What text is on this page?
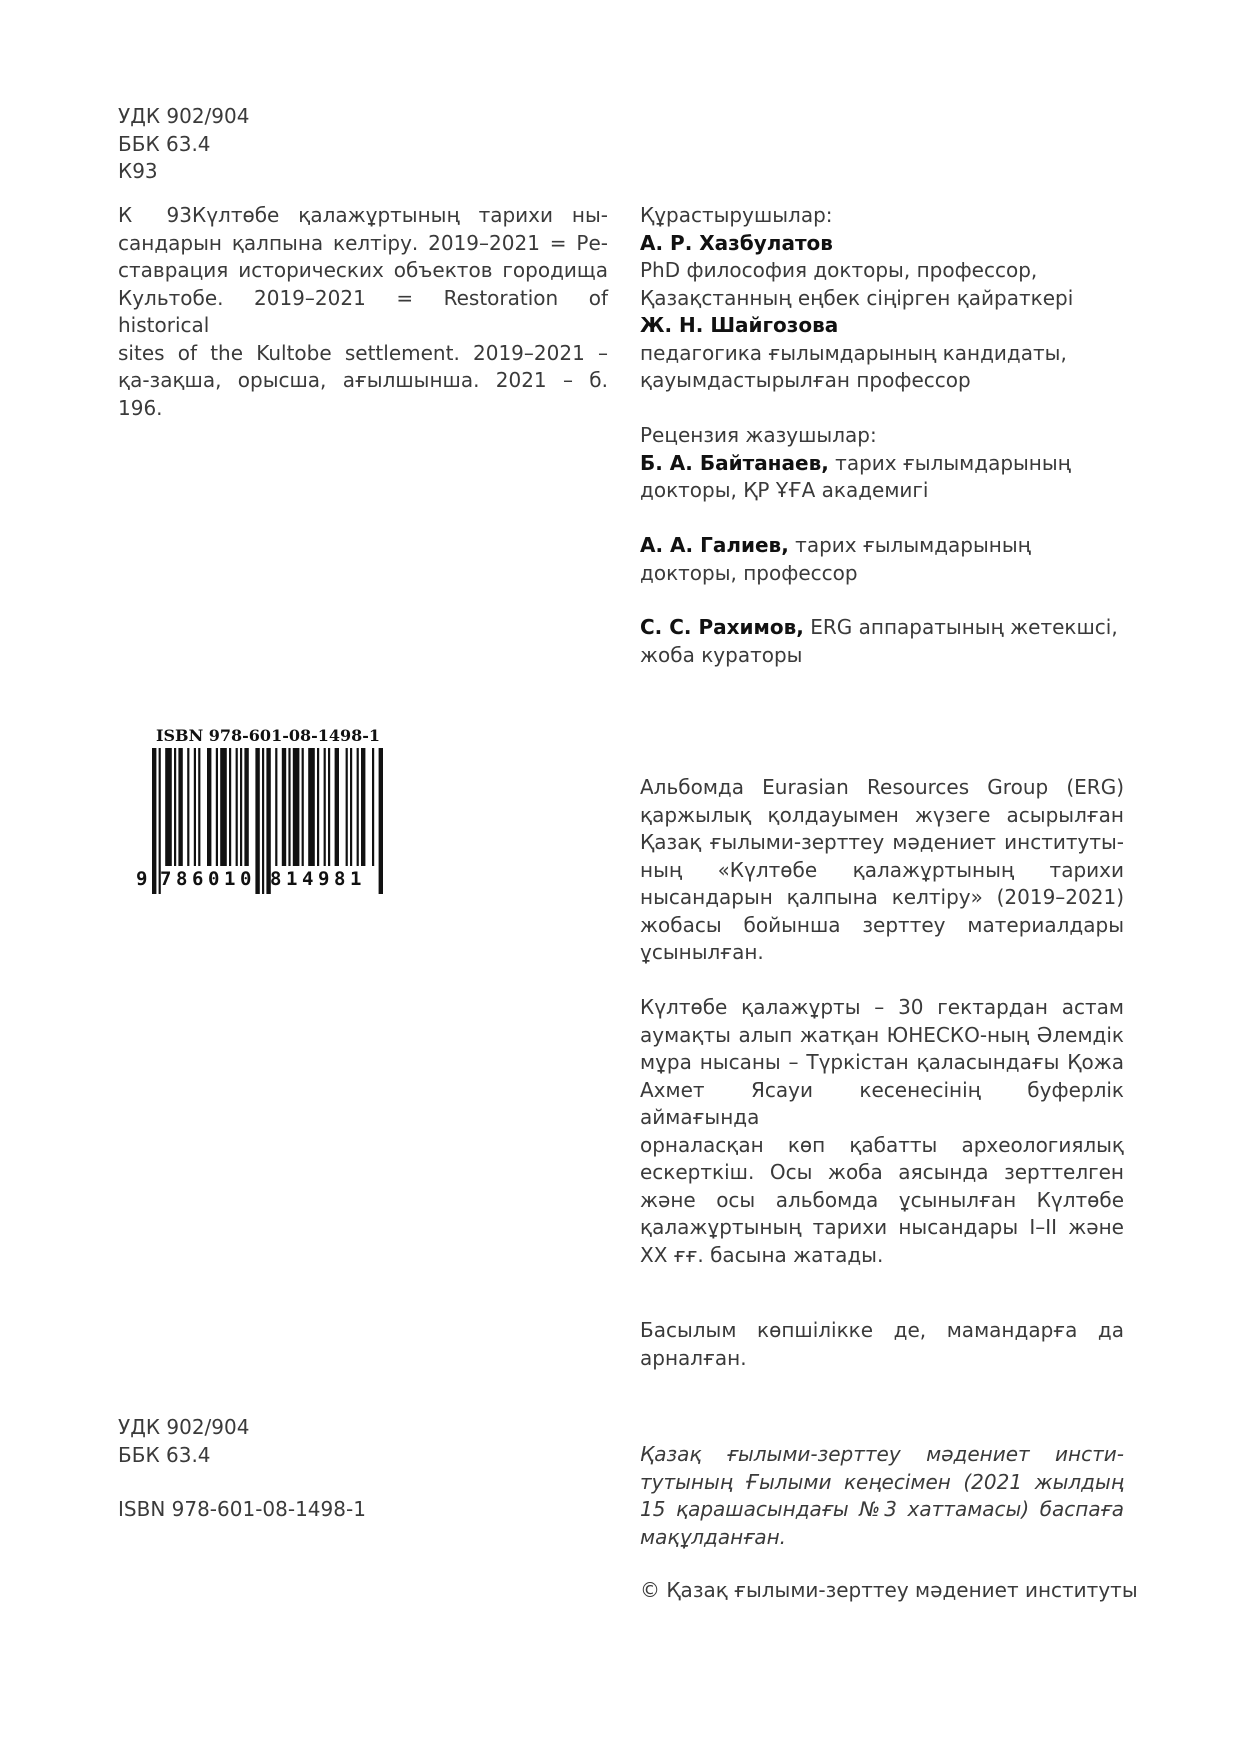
УДК 902/904
ББК 63.4
К93
К 93Күлтөбе қалажұртының тарихи ны-
сандарын қалпына келтіру. 2019–2021 = Ре-
ставрация исторических объектов городища
Культобе. 2019–2021 = Restoration of historical
sites of the Kultobe settlement. 2019–2021 –
қа-зақша, орысша, ағылшынша. 2021 – б. 196.
Құрастырушылар:
А. Р. Хазбулатов
PhD философия докторы, профессор,
Қазақстанның еңбек сіңірген қайраткері
Ж. Н. Шайгозова
педагогика ғылымдарының кандидаты,
қауымдастырылған профессор
Рецензия жазушылар:
Б. А. Байтанаев, тарих ғылымдарының
докторы, ҚР ҰҒА академигі
А. А. Галиев, тарих ғылымдарының
докторы, профессор
С. С. Рахимов, ERG аппаратының жетекшсі,
жоба кураторы
ISBN 978-601-08-1498-1
9 7 8 6 0 1 0 8 1 4 9 8 1
Альбомда Eurasian Resources Group (ERG)
қаржылық қолдауымен жүзеге асырылған
Қазақ ғылыми-зерттеу мәдениет институты-
ның «Күлтөбе қалажұртының тарихи
нысандарын қалпына келтіру» (2019–2021)
жобасы бойынша зерттеу материалдары
ұсынылған.
Күлтөбе қалажұрты – 30 гектардан астам
аумақты алып жатқан ЮНЕСКО-ның Әлемдік
мұра нысаны – Түркістан қаласындағы Қожа
Ахмет Ясауи кесенесінің буферлік аймағында
орналасқан көп қабатты археологиялық
ескерткіш. Осы жоба аясында зерттелген
және осы альбомда ұсынылған Күлтөбе
қалажұртының тарихи нысандары І–ІІ және
ХХ ғғ. басына жатады.
Басылым көпшілікке де, мамандарға да
арналған.
УДК 902/904
ББК 63.4
ISBN 978-601-08-1498-1
Қазақ ғылыми-зерттеу мәдениет инсти-
тутының Ғылыми кеңесімен (2021 жылдың
15 қарашасындағы №3 хаттамасы) баспаға
мақұлданған.
© Қазақ ғылыми-зерттеу мәдениет институты
